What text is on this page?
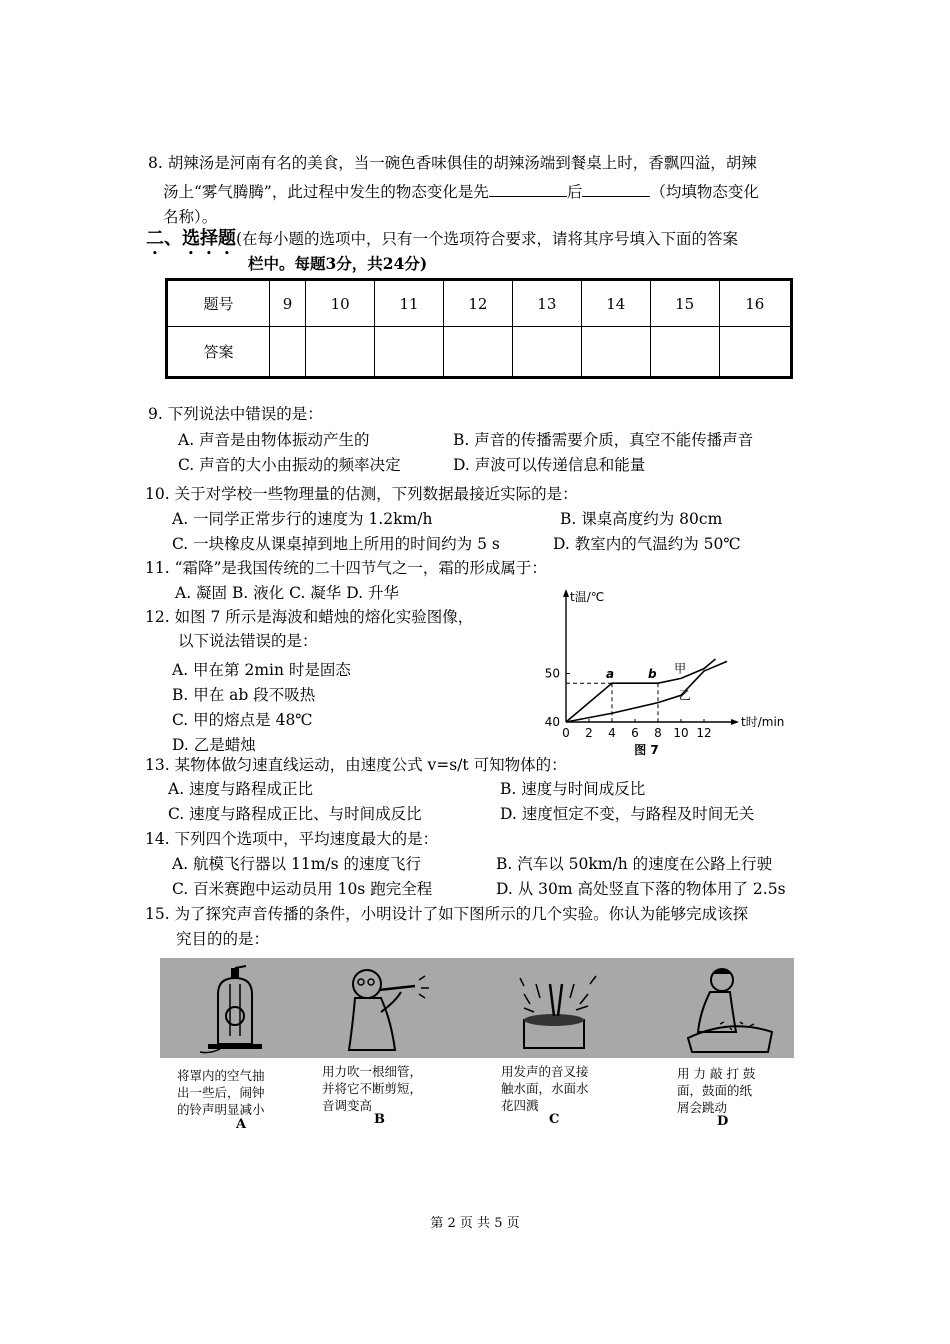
8. 胡辣汤是河南有名的美食，当一碗色香味俱佳的胡辣汤端到餐桌上时，香飘四溢，胡辣
汤上“雾气腾腾”，此过程中发生的物态变化是先	后	（均填物态变化
名称）。
二、选择题(在每小题的选项中，只有一个选项符合要求，请将其序号填入下面的答案
栏中。每题3分，共24分)
题号	9	10	11	12	13	14	15	16
答案								
9. 下列说法中错误的是：
A. 声音是由物体振动产生的	B. 声音的传播需要介质，真空不能传播声音
C. 声音的大小由振动的频率决定	D. 声波可以传递信息和能量
10. 关于对学校一些物理量的估测，下列数据最接近实际的是：
A. 一同学正常步行的速度为 1.2km/h	B. 课桌高度约为 80cm
C. 一块橡皮从课桌掉到地上所用的时间约为 5 s	D. 教室内的气温约为 50℃
11. “霜降”是我国传统的二十四节气之一，霜的形成属于：
A. 凝固 B. 液化 C. 凝华 D. 升华
12. 如图 7 所示是海波和蜡烛的熔化实验图像，
以下说法错误的是：
A. 甲在第 2min 时是固态
B. 甲在 ab 段不吸热
C. 甲的熔点是 48℃
D. 乙是蜡烛
40
50
0 2 4 6 8 10 12
t温/℃
t时/min
图 7
a	b 甲
乙
13. 某物体做匀速直线运动，由速度公式 v=s/t 可知物体的：
A. 速度与路程成正比	B. 速度与时间成反比
C. 速度与路程成正比、与时间成反比	D. 速度恒定不变，与路程及时间无关
14. 下列四个选项中，平均速度最大的是：
A. 航模飞行器以 11m/s 的速度飞行	B. 汽车以 50km/h 的速度在公路上行驶
C. 百米赛跑中运动员用 10s 跑完全程	D. 从 30m 高处竖直下落的物体用了 2.5s
15. 为了探究声音传播的条件，小明设计了如下图所示的几个实验。你认为能够完成该探
究目的的是：
将罩内的空气抽
出一些后，闹钟
的铃声明显减小
A
用力吹一根细管，
并将它不断剪短，
音调变高
B
用发声的音叉接
触水面，水面水
花四溅
C
用 力 敲 打 鼓
面，鼓面的纸
屑会跳动
D
第 2 页 共 5 页
